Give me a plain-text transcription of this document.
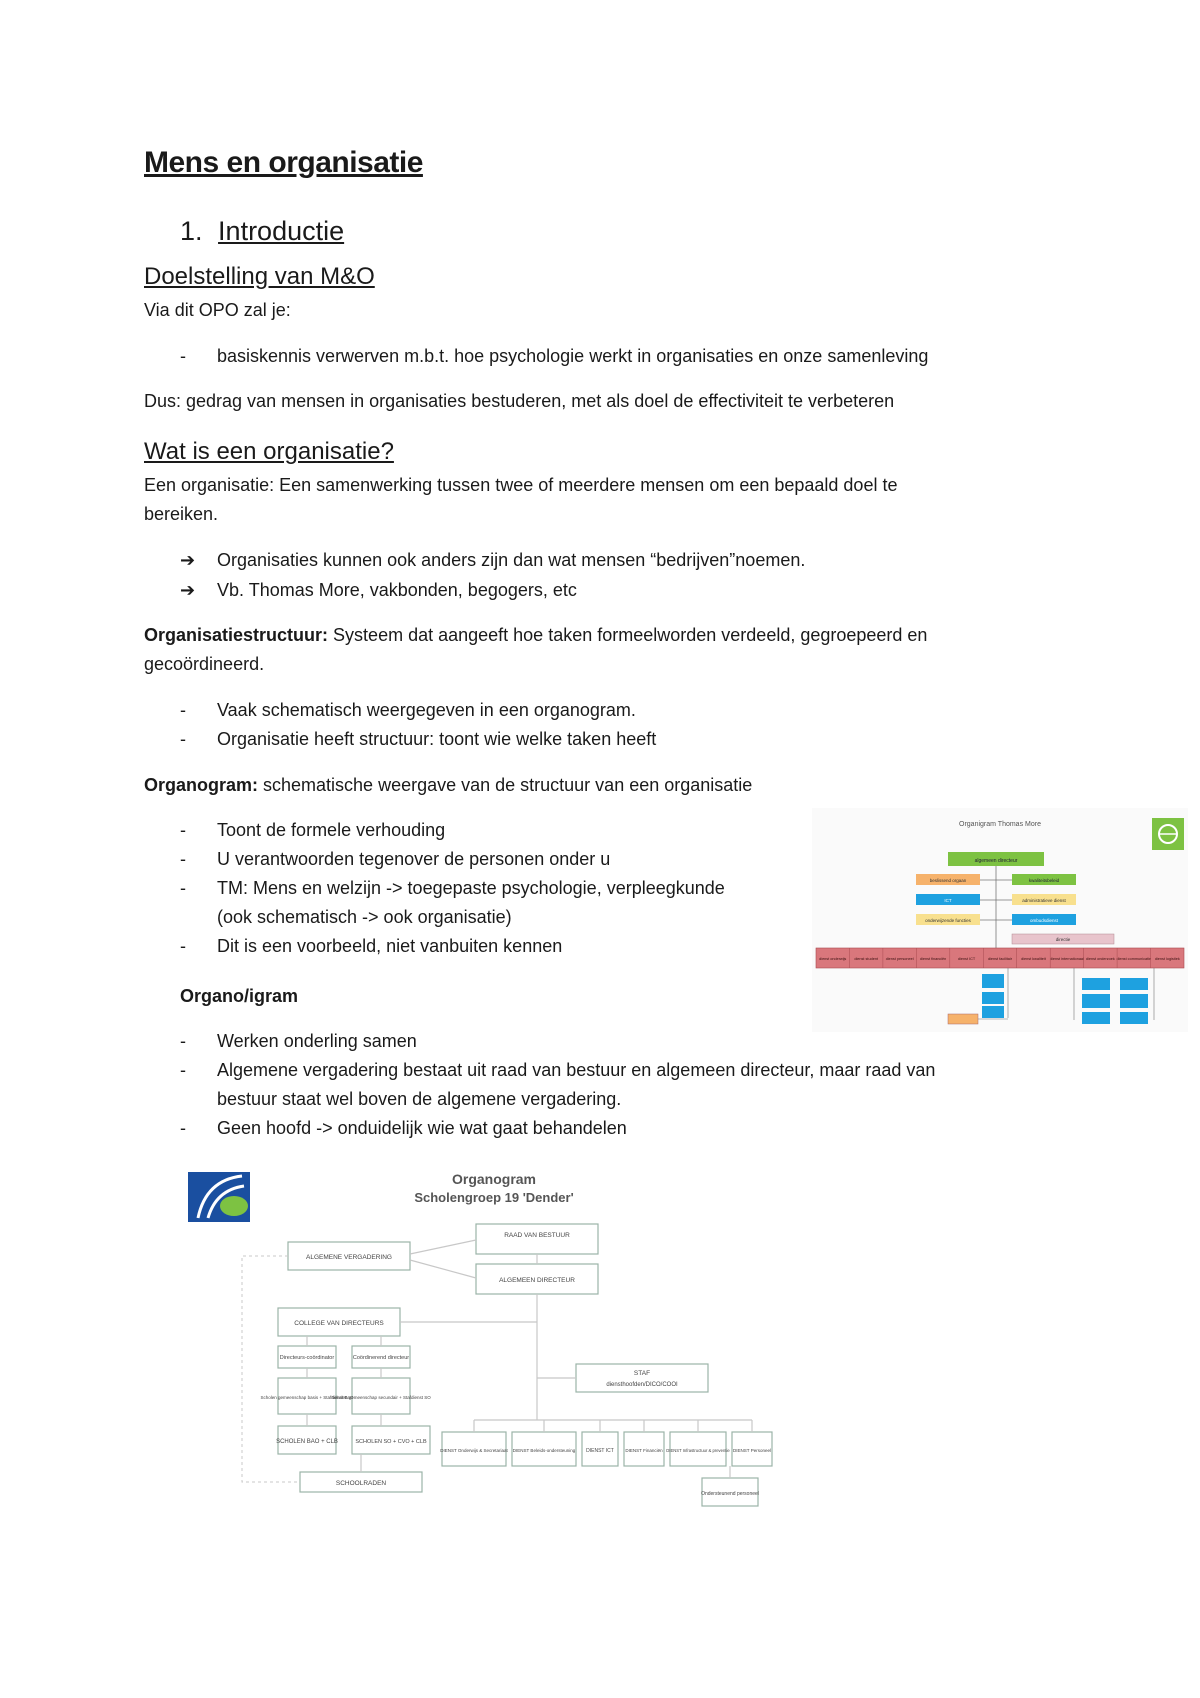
Mens en organisatie
1. Introductie
Doelstelling van M&O
Via dit OPO zal je:
- basiskennis verwerven m.b.t. hoe psychologie werkt in organisaties en onze samenleving
Dus: gedrag van mensen in organisaties bestuderen, met als doel de effectiviteit te verbeteren
Wat is een organisatie?
Een organisatie: Een samenwerking tussen twee of meerdere mensen om een bepaald doel te
bereiken.
➔ Organisaties kunnen ook anders zijn dan wat mensen “bedrijven”noemen.
➔ Vb. Thomas More, vakbonden, begogers, etc
Organisatiestructuur: Systeem dat aangeeft hoe taken formeelworden verdeeld, gegroepeerd en
gecoördineerd.
- Vaak schematisch weergegeven in een organogram.
- Organisatie heeft structuur: toont wie welke taken heeft
Organogram: schematische weergave van de structuur van een organisatie
- Toont de formele verhouding
- U verantwoorden tegenover de personen onder u
- TM: Mens en welzijn -> toegepaste psychologie, verpleegkunde
(ook schematisch -> ook organisatie)
- Dit is een voorbeeld, niet vanbuiten kennen
Organo/igram
- Werken onderling samen
- Algemene vergadering bestaat uit raad van bestuur en algemeen directeur, maar raad van
bestuur staat wel boven de algemene vergadering.
- Geen hoofd -> onduidelijk wie wat gaat behandelen
Organigram Thomas More
algemeen directeur
beslissend orgaan
ICT
onderwijzende functies
kwaliteitsbeleid
administratieve dienst
ombudsdienst
directie
dienst onderwijs dienst student dienst personeel dienst financiën	dienst ICT	dienst facilitair dienst kwaliteit dienst internationaal dienst onderzoek dienst communicatie dienst logistiek
Organogram
Scholengroep 19 'Dender'
RAAD VAN BESTUUR
ALGEMEEN DIRECTEUR
ALGEMENE VERGADERING
COLLEGE VAN DIRECTEURS
Directeurs-coördinator	Coördinerend directeur
Scholen gemeenschap basis + Stafdienst BaO
Scholen gemeenschap secundair + Stafdienst SO
SCHOLEN BAO + CLB	SCHOLEN SO + CVO + CLB
SCHOOLRADEN
STAF
diensthoofden/DICO/COOI
DIENST Onderwijs & Secretariaat DIENST Beleids-ondersteuning DIENST ICT	DIENST Financiën DIENST Infrastructuur & preventie DIENST Personeel
Ondersteunend personeel
